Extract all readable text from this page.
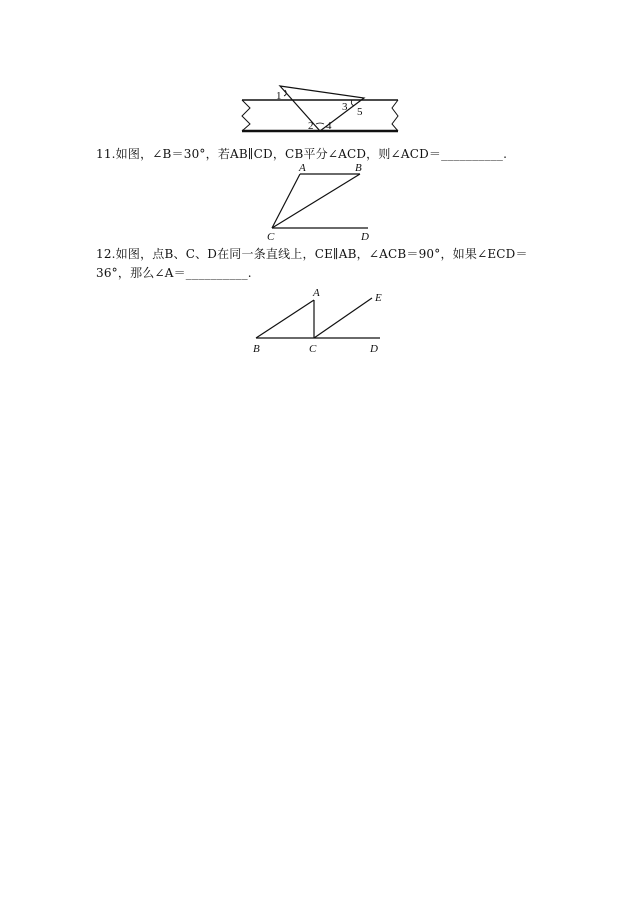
1
2
3
4
5
11.如图，∠B＝30°，若AB∥CD，CB平分∠ACD，则∠ACD＝__________.
A	B
C	D
12.如图，点B、C、D在同一条直线上，CE∥AB，∠ACB＝90°，如果∠ECD＝
36°，那么∠A＝__________.
A	E
B	C	D
